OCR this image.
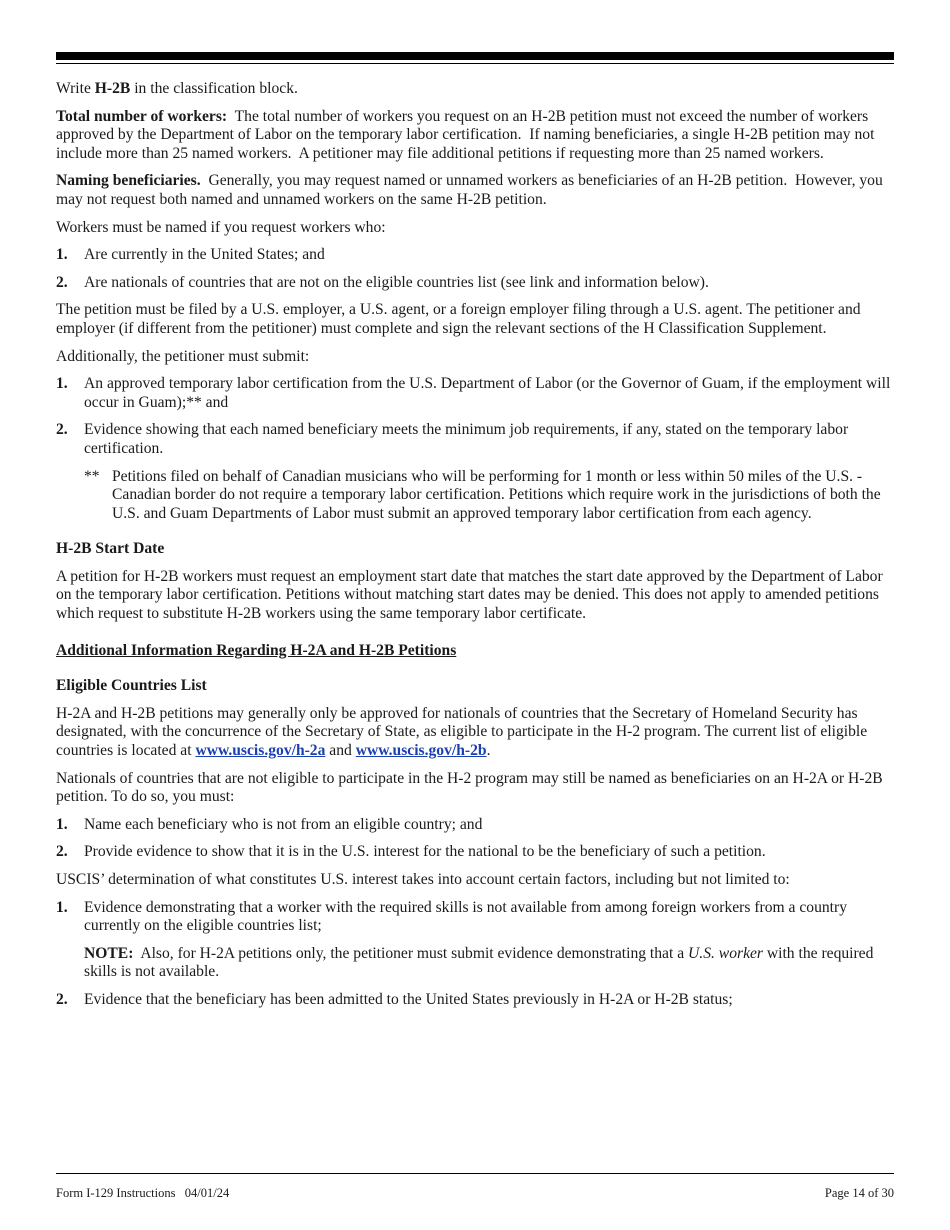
Write H-2B in the classification block.

Total number of workers:  The total number of workers you request on an H-2B petition must not exceed the number of workers approved by the Department of Labor on the temporary labor certification.  If naming beneficiaries, a single H-2B petition may not include more than 25 named workers.  A petitioner may file additional petitions if requesting more than 25 named workers.

Naming beneficiaries.  Generally, you may request named or unnamed workers as beneficiaries of an H-2B petition.  However, you may not request both named and unnamed workers on the same H-2B petition.

Workers must be named if you request workers who:

1. Are currently in the United States; and
2. Are nationals of countries that are not on the eligible countries list (see link and information below).

The petition must be filed by a U.S. employer, a U.S. agent, or a foreign employer filing through a U.S. agent. The petitioner and employer (if different from the petitioner) must complete and sign the relevant sections of the H Classification Supplement.

Additionally, the petitioner must submit:

1. An approved temporary labor certification from the U.S. Department of Labor (or the Governor of Guam, if the employment will occur in Guam);** and
2. Evidence showing that each named beneficiary meets the minimum job requirements, if any, stated on the temporary labor certification.
** Petitions filed on behalf of Canadian musicians who will be performing for 1 month or less within 50 miles of the U.S. - Canadian border do not require a temporary labor certification. Petitions which require work in the jurisdictions of both the U.S. and Guam Departments of Labor must submit an approved temporary labor certification from each agency.
H-2B Start Date

A petition for H-2B workers must request an employment start date that matches the start date approved by the Department of Labor on the temporary labor certification. Petitions without matching start dates may be denied. This does not apply to amended petitions which request to substitute H-2B workers using the same temporary labor certificate.

Additional Information Regarding H-2A and H-2B Petitions
Eligible Countries List

H-2A and H-2B petitions may generally only be approved for nationals of countries that the Secretary of Homeland Security has designated, with the concurrence of the Secretary of State, as eligible to participate in the H-2 program. The current list of eligible countries is located at www.uscis.gov/h-2a and www.uscis.gov/h-2b.

Nationals of countries that are not eligible to participate in the H-2 program may still be named as beneficiaries on an H-2A or H-2B petition. To do so, you must:

1. Name each beneficiary who is not from an eligible country; and
2. Provide evidence to show that it is in the U.S. interest for the national to be the beneficiary of such a petition.

USCIS’ determination of what constitutes U.S. interest takes into account certain factors, including but not limited to:

1. Evidence demonstrating that a worker with the required skills is not available from among foreign workers from a country currently on the eligible countries list;
NOTE:  Also, for H-2A petitions only, the petitioner must submit evidence demonstrating that a U.S. worker with the required skills is not available.
2. Evidence that the beneficiary has been admitted to the United States previously in H-2A or H-2B status;
Form I-129 Instructions   04/01/24	Page 14 of 30
